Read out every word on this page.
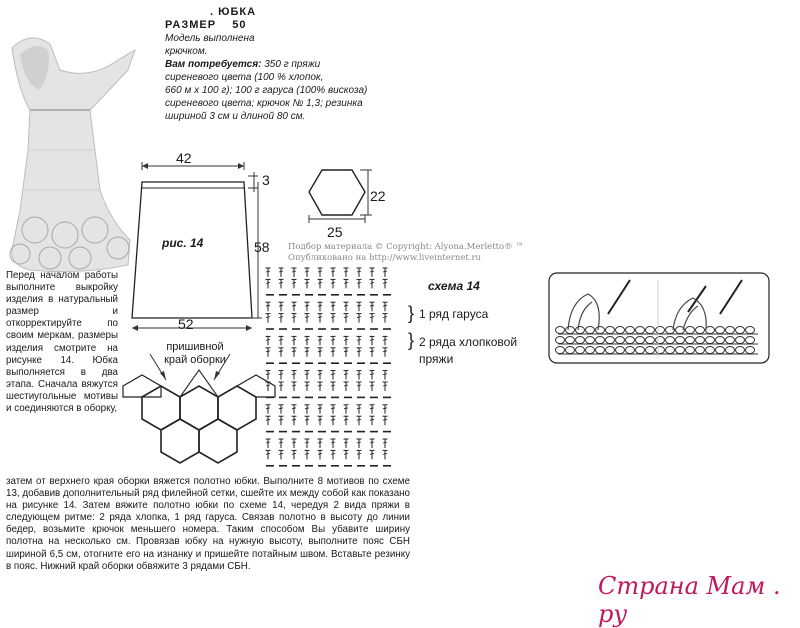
. ЮБКА
РАЗМЕР 50
Модель выполнена
крючком.
Вам потребуется: 350 г пряжи
сиреневого цвета (100 % хлопок,
660 м х 100 г); 100 г гаруса (100% вискоза)
сиреневого цвета; крючок № 1,3; резинка
шириной 3 см и длиной 80 см.
42
3
58
52
рис. 14
пришивной
край оборки
22
25
Подбор материала © Copyright: Alyona.Merletto® ™
Опубликовано на http://www.liveinternet.ru
схема 14
} 1 ряд гаруса
} 2 ряда хлопковой
пряжи
Перед началом работы выполните выкройку изделия в натуральный размер и откорректируйте по своим меркам, размеры изделия смотрите на рисунке 14. Юбка выполняется в два этапа. Сначала вяжутся шестиугольные мотивы и соединяются в оборку,
затем от верхнего края оборки вяжется полотно юбки. Выполните 8 мотивов по схеме 13, добавив дополнительный ряд филейной сетки, сшейте их между собой как показано на рисунке 14. Затем вяжите полотно юбки по схеме 14, чередуя 2 вида пряжи в следующем ритме: 2 ряда хлопка, 1 ряд гаруса. Связав полотно в высоту до линии бедер, возьмите крючок меньшего номера. Таким способом Вы убавите ширину полотна на несколько см. Провязав юбку на нужную высоту, выполните пояс СБН шириной 6,5 см, отогните его на изнанку и пришейте потайным швом. Вставьте резинку в пояс. Нижний край оборки обвяжите 3 рядами СБН.
Страна Мам . ру
